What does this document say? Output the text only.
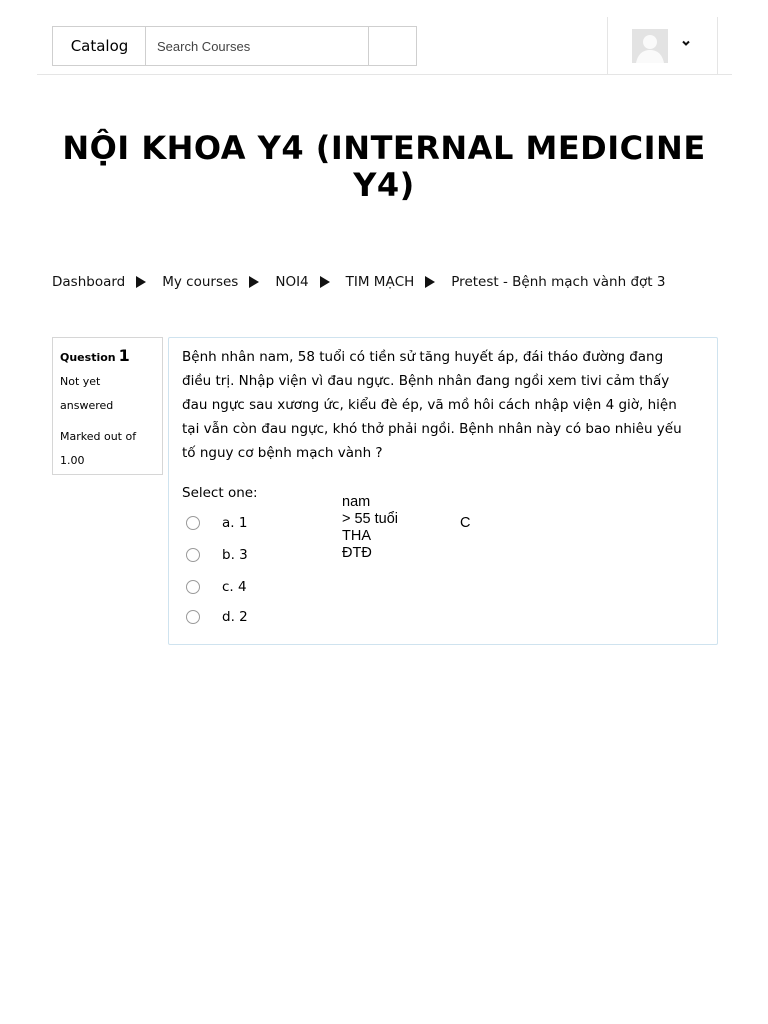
Catalog
Search Courses
NỘI KHOA Y4 (INTERNAL MEDICINE Y4)
Dashboard	My courses	NOI4	TIM MẠCH	Pretest - Bệnh mạch vành đợt 3
Question 1
Not yet
answered
Marked out of
1.00

Bệnh nhân nam, 58 tuổi có tiền sử tăng huyết áp, đái tháo đường đang điều trị. Nhập viện vì đau ngực. Bệnh nhân đang ngồi xem tivi cảm thấy đau ngực sau xương ức, kiểu đè ép, vã mồ hôi cách nhập viện 4 giờ, hiện tại vẫn còn đau ngực, khó thở phải ngồi. Bệnh nhân này có bao nhiêu yếu tố nguy cơ bệnh mạch vành ?

Select one:
a. 1
b. 3
c. 4
d. 2
nam
> 55 tuổi
THA
ĐTĐ
C
